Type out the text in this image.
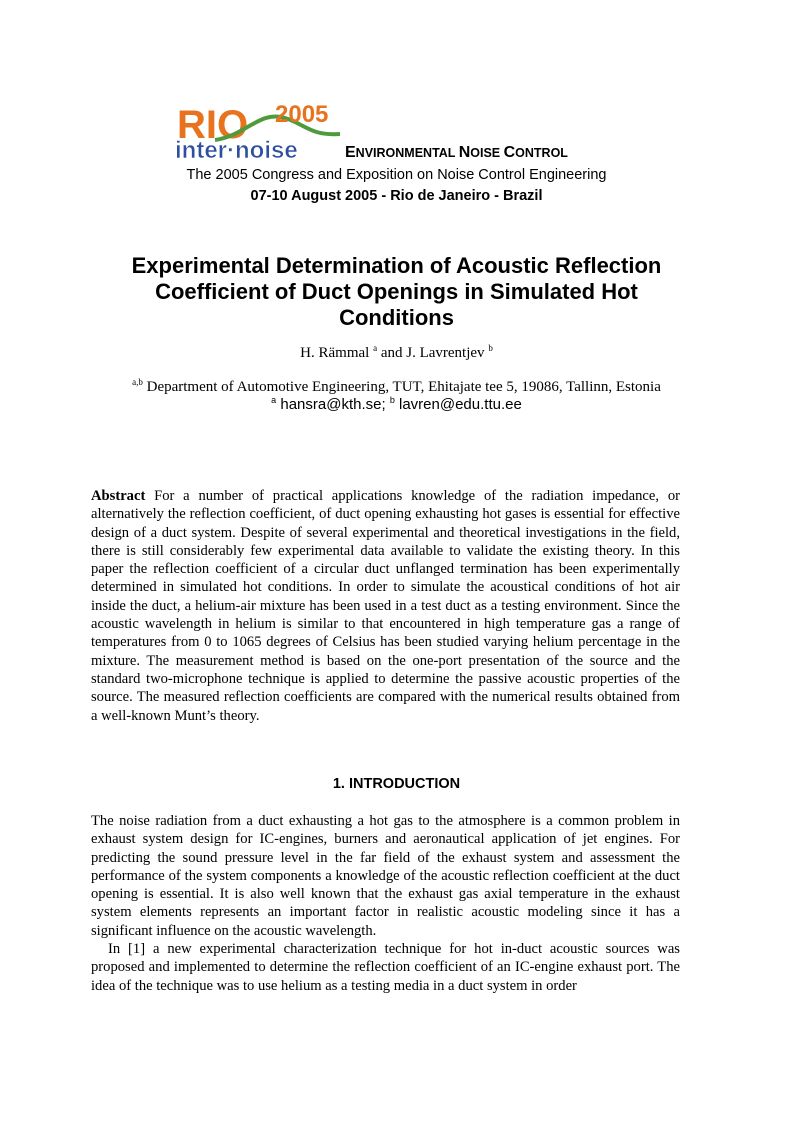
RIO 2005
inter·noise	ENVIRONMENTAL NOISE CONTROL
The 2005 Congress and Exposition on Noise Control Engineering
07-10 August 2005 - Rio de Janeiro - Brazil
Experimental Determination of Acoustic Reflection
Coefficient of Duct Openings in Simulated Hot
Conditions
H. Rämmal $^a$ and J. Lavrentjev $^b$
$^{a,b}$ Department of Automotive Engineering, TUT, Ehitajate tee 5, 19086, Tallinn, Estonia
$^a$ hansra@kth.se; $^b$ lavren@edu.ttu.ee

Abstract For a number of practical applications knowledge of the radiation impedance, or alternatively the reflection coefficient, of duct opening exhausting hot gases is essential for effective design of a duct system. Despite of several experimental and theoretical investigations in the field, there is still considerably few experimental data available to validate the existing theory. In this paper the reflection coefficient of a circular duct unflanged termination has been experimentally determined in simulated hot conditions. In order to simulate the acoustical conditions of hot air inside the duct, a helium-air mixture has been used in a test duct as a testing environment. Since the acoustic wavelength in helium is similar to that encountered in high temperature gas a range of temperatures from 0 to 1065 degrees of Celsius has been studied varying helium percentage in the mixture. The measurement method is based on the one-port presentation of the source and the standard two-microphone technique is applied to determine the passive acoustic properties of the source. The measured reflection coefficients are compared with the numerical results obtained from a well-known Munt’s theory.

1. INTRODUCTION

The noise radiation from a duct exhausting a hot gas to the atmosphere is a common problem in exhaust system design for IC-engines, burners and aeronautical application of jet engines. For predicting the sound pressure level in the far field of the exhaust system and assessment the performance of the system components a knowledge of the acoustic reflection coefficient at the duct opening is essential. It is also well known that the exhaust gas axial temperature in the exhaust system elements represents an important factor in realistic acoustic modeling since it has a significant influence on the acoustic wavelength.

In [1] a new experimental characterization technique for hot in-duct acoustic sources was proposed and implemented to determine the reflection coefficient of an IC-engine exhaust port. The idea of the technique was to use helium as a testing media in a duct system in order
